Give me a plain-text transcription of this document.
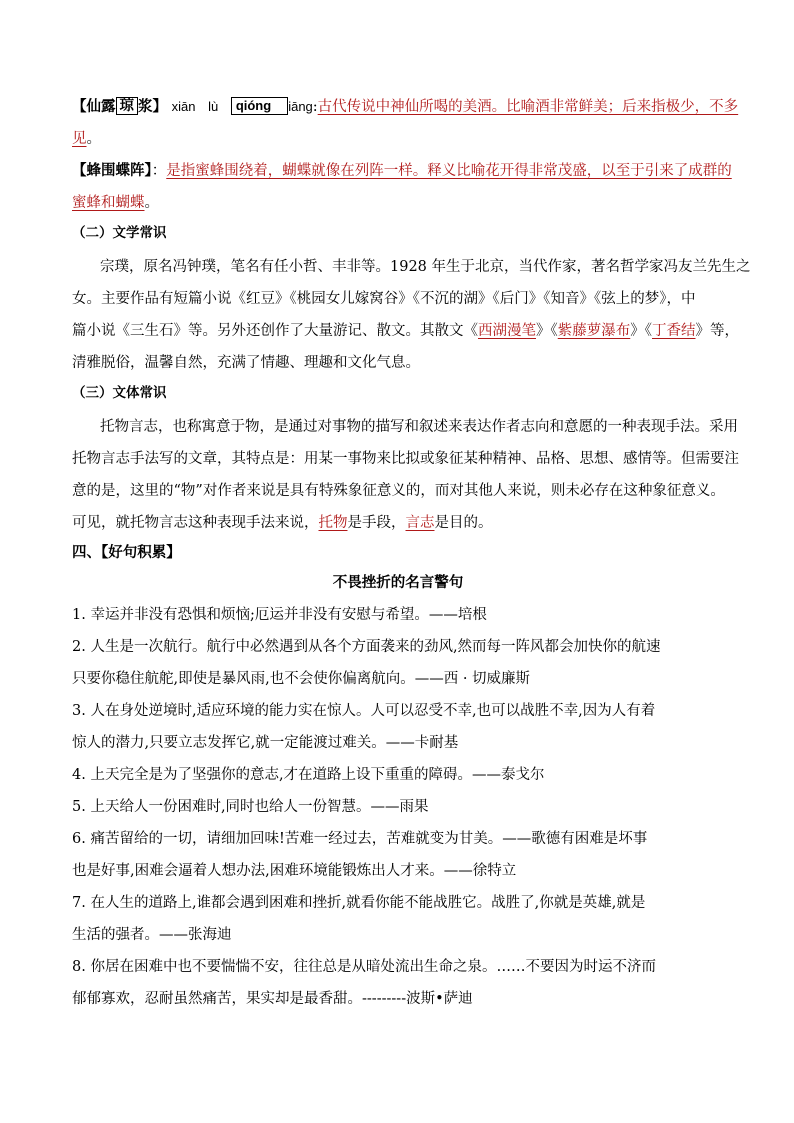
【仙露 琼 浆】 xiān lù qióng iāng:古代传说中神仙所喝的美酒。比喻酒非常鲜美；后来指极少，不多
见。
【蜂围蝶阵】：是指蜜蜂围绕着，蝴蝶就像在列阵一样。释义比喻花开得非常茂盛，以至于引来了成群的
蜜蜂和蝴蝶。
（二）文学常识
宗璞，原名冯钟璞，笔名有任小哲、丰非等。1928 年生于北京，当代作家，著名哲学家冯友兰先生之
女。主要作品有短篇小说《红豆》《桃园女儿嫁窝谷》《不沉的湖》《后门》《知音》《弦上的梦》，中
篇小说《三生石》等。另外还创作了大量游记、散文。其散文《西湖漫笔》《紫藤萝瀑布》《丁香结》等，
清雅脱俗，温馨自然，充满了情趣、理趣和文化气息。
（三）文体常识
托物言志，也称寓意于物，是通过对事物的描写和叙述来表达作者志向和意愿的一种表现手法。采用
托物言志手法写的文章，其特点是：用某一事物来比拟或象征某种精神、品格、思想、感情等。但需要注
意的是，这里的“物”对作者来说是具有特殊象征意义的，而对其他人来说，则未必存在这种象征意义。
可见，就托物言志这种表现手法来说，托物是手段，言志是目的。
四、【好句积累】
不畏挫折的名言警句
1. 幸运并非没有恐惧和烦恼;厄运并非没有安慰与希望。——培根
2. 人生是一次航行。航行中必然遇到从各个方面袭来的劲风,然而每一阵风都会加快你的航速
只要你稳住航舵,即使是暴风雨,也不会使你偏离航向。——西 · 切威廉斯
3. 人在身处逆境时,适应环境的能力实在惊人。人可以忍受不幸,也可以战胜不幸,因为人有着
惊人的潜力,只要立志发挥它,就一定能渡过难关。——卡耐基
4. 上天完全是为了坚强你的意志,才在道路上设下重重的障碍。——泰戈尔
5. 上天给人一份困难时,同时也给人一份智慧。——雨果
6. 痛苦留给的一切，请细加回味!苦难一经过去，苦难就变为甘美。——歌德有困难是坏事
也是好事,困难会逼着人想办法,困难环境能锻炼出人才来。——徐特立
7. 在人生的道路上,谁都会遇到困难和挫折,就看你能不能战胜它。战胜了,你就是英雄,就是
生活的强者。——张海迪
8. 你居在困难中也不要惴惴不安，往往总是从暗处流出生命之泉。……不要因为时运不济而
郁郁寡欢，忍耐虽然痛苦，果实却是最香甜。---------波斯•萨迪
